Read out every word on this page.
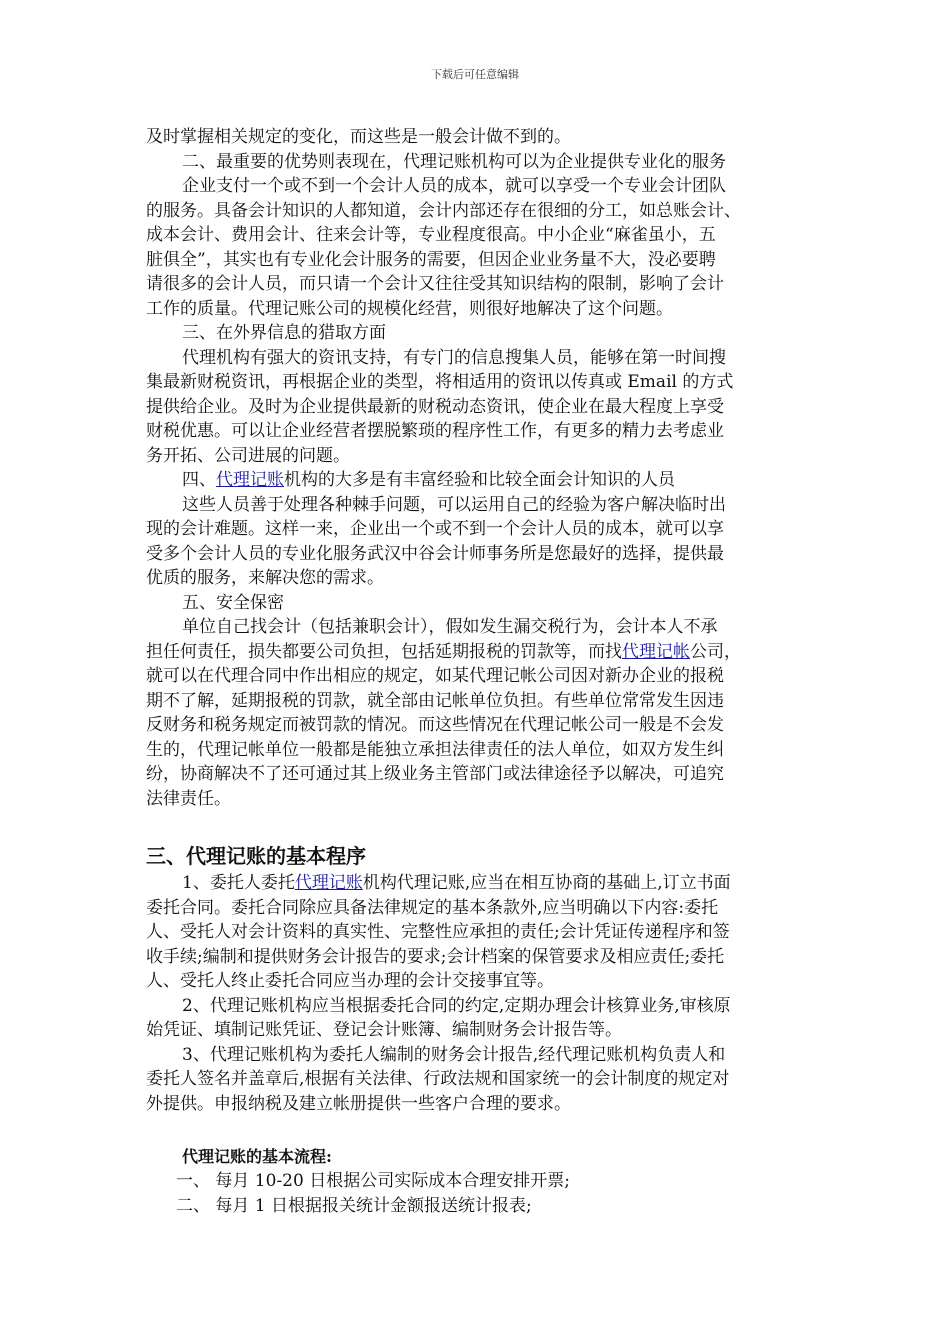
下载后可任意编辑

及时掌握相关规定的变化，而这些是一般会计做不到的。

二、最重要的优势则表现在，代理记账机构可以为企业提供专业化的服务

企业支付一个或不到一个会计人员的成本，就可以享受一个专业会计团队

的服务。具备会计知识的人都知道，会计内部还存在很细的分工，如总账会计、

成本会计、费用会计、往来会计等，专业程度很高。中小企业“麻雀虽小，五

脏俱全”，其实也有专业化会计服务的需要，但因企业业务量不大，没必要聘

请很多的会计人员，而只请一个会计又往往受其知识结构的限制，影响了会计

工作的质量。代理记账公司的规模化经营，则很好地解决了这个问题。

三、在外界信息的猎取方面

代理机构有强大的资讯支持，有专门的信息搜集人员，能够在第一时间搜

集最新财税资讯，再根据企业的类型，将相适用的资讯以传真或 Email 的方式

提供给企业。及时为企业提供最新的财税动态资讯，使企业在最大程度上享受

财税优惠。可以让企业经营者摆脱繁琐的程序性工作，有更多的精力去考虑业

务开拓、公司进展的问题。

四、代理记账机构的大多是有丰富经验和比较全面会计知识的人员

这些人员善于处理各种棘手问题，可以运用自己的经验为客户解决临时出

现的会计难题。这样一来，企业出一个或不到一个会计人员的成本，就可以享

受多个会计人员的专业化服务武汉中谷会计师事务所是您最好的选择，提供最

优质的服务，来解决您的需求。

五、安全保密

单位自己找会计（包括兼职会计），假如发生漏交税行为，会计本人不承

担任何责任，损失都要公司负担，包括延期报税的罚款等，而找代理记帐公司，

就可以在代理合同中作出相应的规定，如某代理记帐公司因对新办企业的报税

期不了解，延期报税的罚款，就全部由记帐单位负担。有些单位常常发生因违

反财务和税务规定而被罚款的情况。而这些情况在代理记帐公司一般是不会发

生的，代理记帐单位一般都是能独立承担法律责任的法人单位，如双方发生纠

纷，协商解决不了还可通过其上级业务主管部门或法律途径予以解决，可追究

法律责任。

三、代理记账的基本程序

1、委托人委托代理记账机构代理记账,应当在相互协商的基础上,订立书面

委托合同。委托合同除应具备法律规定的基本条款外,应当明确以下内容:委托

人、受托人对会计资料的真实性、完整性应承担的责任;会计凭证传递程序和签

收手续;编制和提供财务会计报告的要求;会计档案的保管要求及相应责任;委托

人、受托人终止委托合同应当办理的会计交接事宜等。

2、代理记账机构应当根据委托合同的约定,定期办理会计核算业务,审核原

始凭证、填制记账凭证、登记会计账簿、编制财务会计报告等。

3、代理记账机构为委托人编制的财务会计报告,经代理记账机构负责人和

委托人签名并盖章后,根据有关法律、行政法规和国家统一的会计制度的规定对

外提供。申报纳税及建立帐册提供一些客户合理的要求。

代理记账的基本流程:

一、 每月 10-20 日根据公司实际成本合理安排开票;

二、 每月 1 日根据报关统计金额报送统计报表;
